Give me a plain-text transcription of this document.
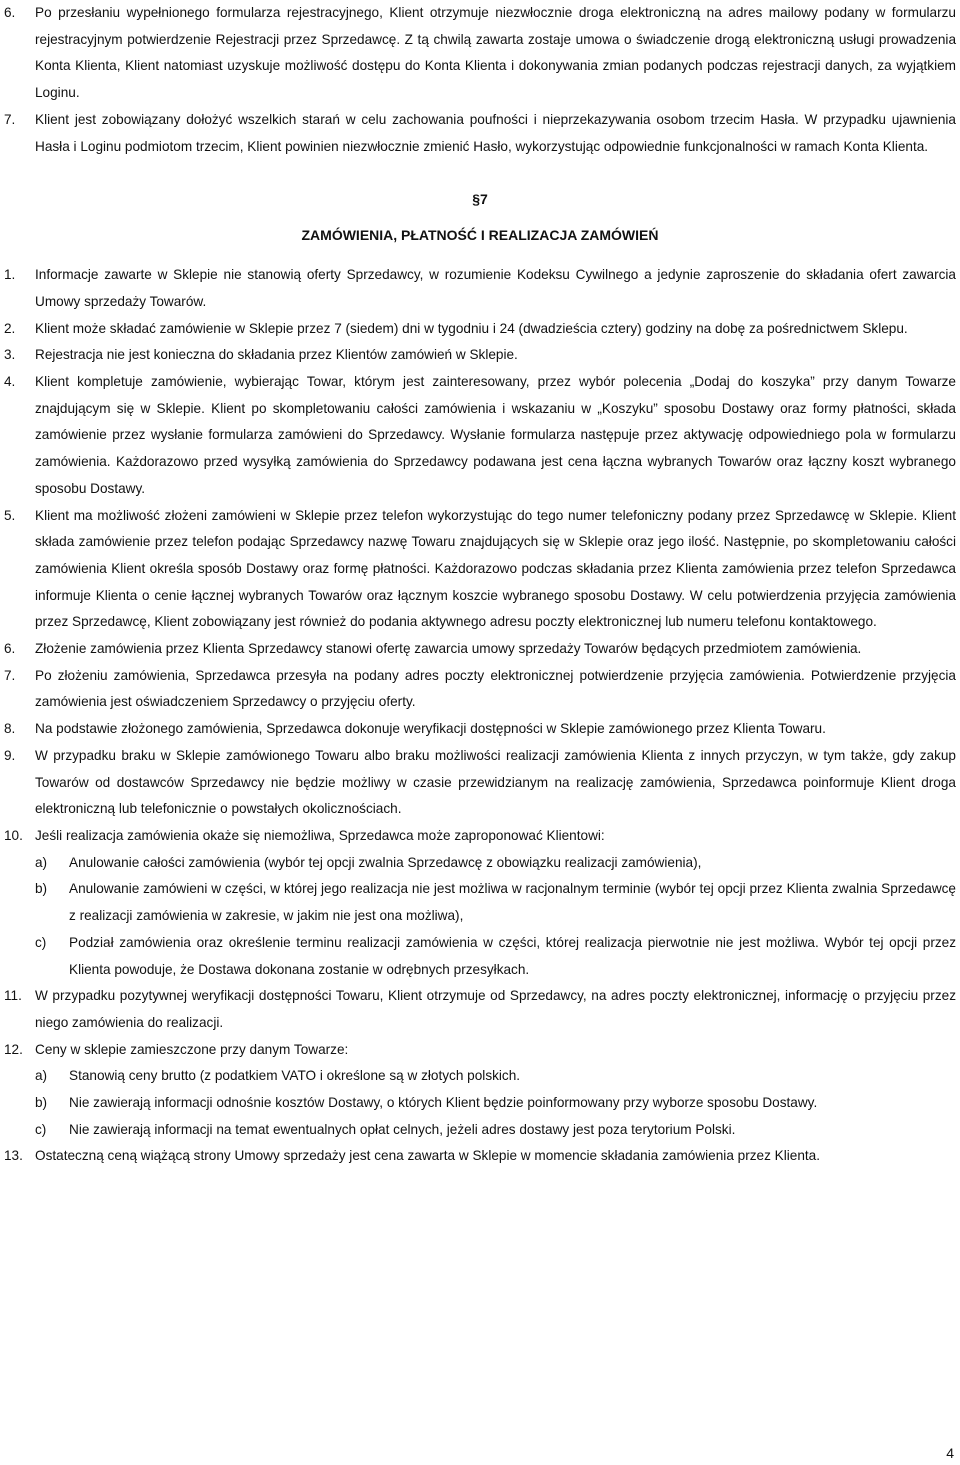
6. Po przesłaniu wypełnionego formularza rejestracyjnego, Klient otrzymuje niezwłocznie droga elektroniczną na adres mailowy podany w formularzu rejestracyjnym potwierdzenie Rejestracji przez Sprzedawcę. Z tą chwilą zawarta zostaje umowa o świadczenie drogą elektroniczną usługi prowadzenia Konta Klienta, Klient natomiast uzyskuje możliwość dostępu do Konta Klienta i dokonywania zmian podanych podczas rejestracji danych, za wyjątkiem Loginu.
7. Klient jest zobowiązany dołożyć wszelkich starań w celu zachowania poufności i nieprzekazywania osobom trzecim Hasła. W przypadku ujawnienia Hasła i Loginu podmiotom trzecim, Klient powinien niezwłocznie zmienić Hasło, wykorzystując odpowiednie funkcjonalności w ramach Konta Klienta.
§7
ZAMÓWIENIA, PŁATNOŚĆ I REALIZACJA ZAMÓWIEŃ
1. Informacje zawarte w Sklepie nie stanowią oferty Sprzedawcy, w rozumienie Kodeksu Cywilnego a jedynie zaproszenie do składania ofert zawarcia Umowy sprzedaży Towarów.
2. Klient może składać zamówienie w Sklepie przez 7 (siedem) dni w tygodniu i 24 (dwadzieścia cztery) godziny na dobę za pośrednictwem Sklepu.
3. Rejestracja nie jest konieczna do składania przez Klientów zamówień w Sklepie.
4. Klient kompletuje zamówienie, wybierając Towar, którym jest zainteresowany, przez wybór polecenia „Dodaj do koszyka” przy danym Towarze znajdującym się w Sklepie. Klient po skompletowaniu całości zamówienia i wskazaniu w „Koszyku” sposobu Dostawy oraz formy płatności, składa zamówienie przez wysłanie formularza zamówieni do Sprzedawcy. Wysłanie formularza następuje przez aktywację odpowiedniego pola w formularzu zamówienia. Każdorazowo przed wysyłką zamówienia do Sprzedawcy podawana jest cena łączna wybranych Towarów oraz łączny koszt wybranego sposobu Dostawy.
5. Klient ma możliwość złożeni zamówieni w Sklepie przez telefon wykorzystując do tego numer telefoniczny podany przez Sprzedawcę w Sklepie. Klient składa zamówienie przez telefon podając Sprzedawcy nazwę Towaru znajdujących się w Sklepie oraz jego ilość. Następnie, po skompletowaniu całości zamówienia Klient określa sposób Dostawy oraz formę płatności. Każdorazowo podczas składania przez Klienta zamówienia przez telefon Sprzedawca informuje Klienta o cenie łącznej wybranych Towarów oraz łącznym koszcie wybranego sposobu Dostawy. W celu potwierdzenia przyjęcia zamówienia przez Sprzedawcę, Klient zobowiązany jest również do podania aktywnego adresu poczty elektronicznej lub numeru telefonu kontaktowego.
6. Złożenie zamówienia przez Klienta Sprzedawcy stanowi ofertę zawarcia umowy sprzedaży Towarów będących przedmiotem zamówienia.
7. Po złożeniu zamówienia, Sprzedawca przesyła na podany adres poczty elektronicznej potwierdzenie przyjęcia zamówienia. Potwierdzenie przyjęcia zamówienia jest oświadczeniem Sprzedawcy o przyjęciu oferty.
8. Na podstawie złożonego zamówienia, Sprzedawca dokonuje weryfikacji dostępności w Sklepie zamówionego przez Klienta Towaru.
9. W przypadku braku w Sklepie zamówionego Towaru albo braku możliwości realizacji zamówienia Klienta z innych przyczyn, w tym także, gdy zakup Towarów od dostawców Sprzedawcy nie będzie możliwy w czasie przewidzianym na realizację zamówienia, Sprzedawca poinformuje Klient droga elektroniczną lub telefonicznie o powstałych okolicznościach.
10. Jeśli realizacja zamówienia okaże się niemożliwa, Sprzedawca może zaproponować Klientowi:
a) Anulowanie całości zamówienia (wybór tej opcji zwalnia Sprzedawcę z obowiązku realizacji zamówienia),
b) Anulowanie zamówieni w części, w której jego realizacja nie jest możliwa w racjonalnym terminie (wybór tej opcji przez Klienta zwalnia Sprzedawcę z realizacji zamówienia w zakresie, w jakim nie jest ona możliwa),
c) Podział zamówienia oraz określenie terminu realizacji zamówienia w części, której realizacja pierwotnie nie jest możliwa. Wybór tej opcji przez Klienta powoduje, że Dostawa dokonana zostanie w odrębnych przesyłkach.
11. W przypadku pozytywnej weryfikacji dostępności Towaru, Klient otrzymuje od Sprzedawcy, na adres poczty elektronicznej, informację o przyjęciu przez niego zamówienia do realizacji.
12. Ceny w sklepie zamieszczone przy danym Towarze:
a) Stanowią ceny brutto (z podatkiem VATO i określone są w złotych polskich.
b) Nie zawierają informacji odnośnie kosztów Dostawy, o których Klient będzie poinformowany przy wyborze sposobu Dostawy.
c) Nie zawierają informacji na temat ewentualnych opłat celnych, jeżeli adres dostawy jest poza terytorium Polski.
13. Ostateczną ceną wiążącą strony Umowy sprzedaży jest cena zawarta w Sklepie w momencie składania zamówienia przez Klienta.
4
